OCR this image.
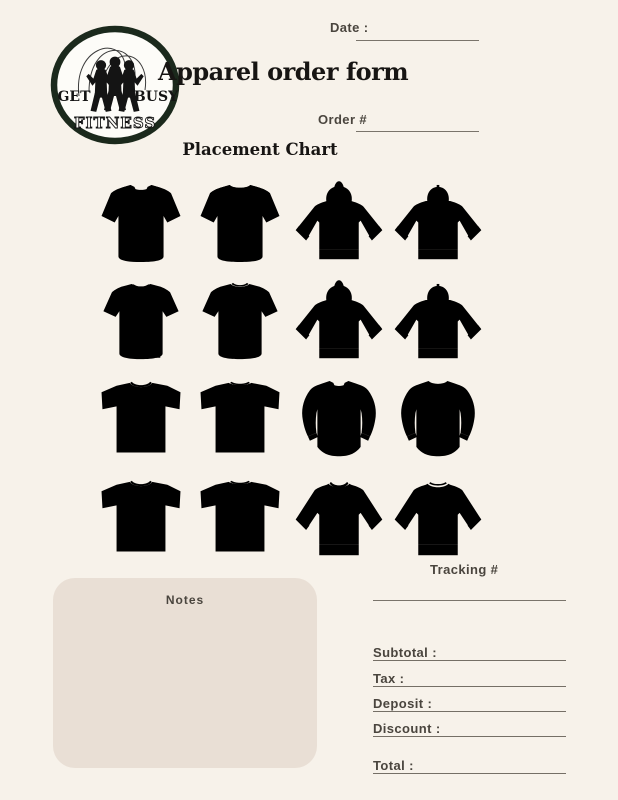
GET	BUSY
FITNESS
Apparel order form
Date :
Order #
Placement Chart
Tracking #
Notes
Subtotal :
Tax :
Deposit :
Discount :
Total :
